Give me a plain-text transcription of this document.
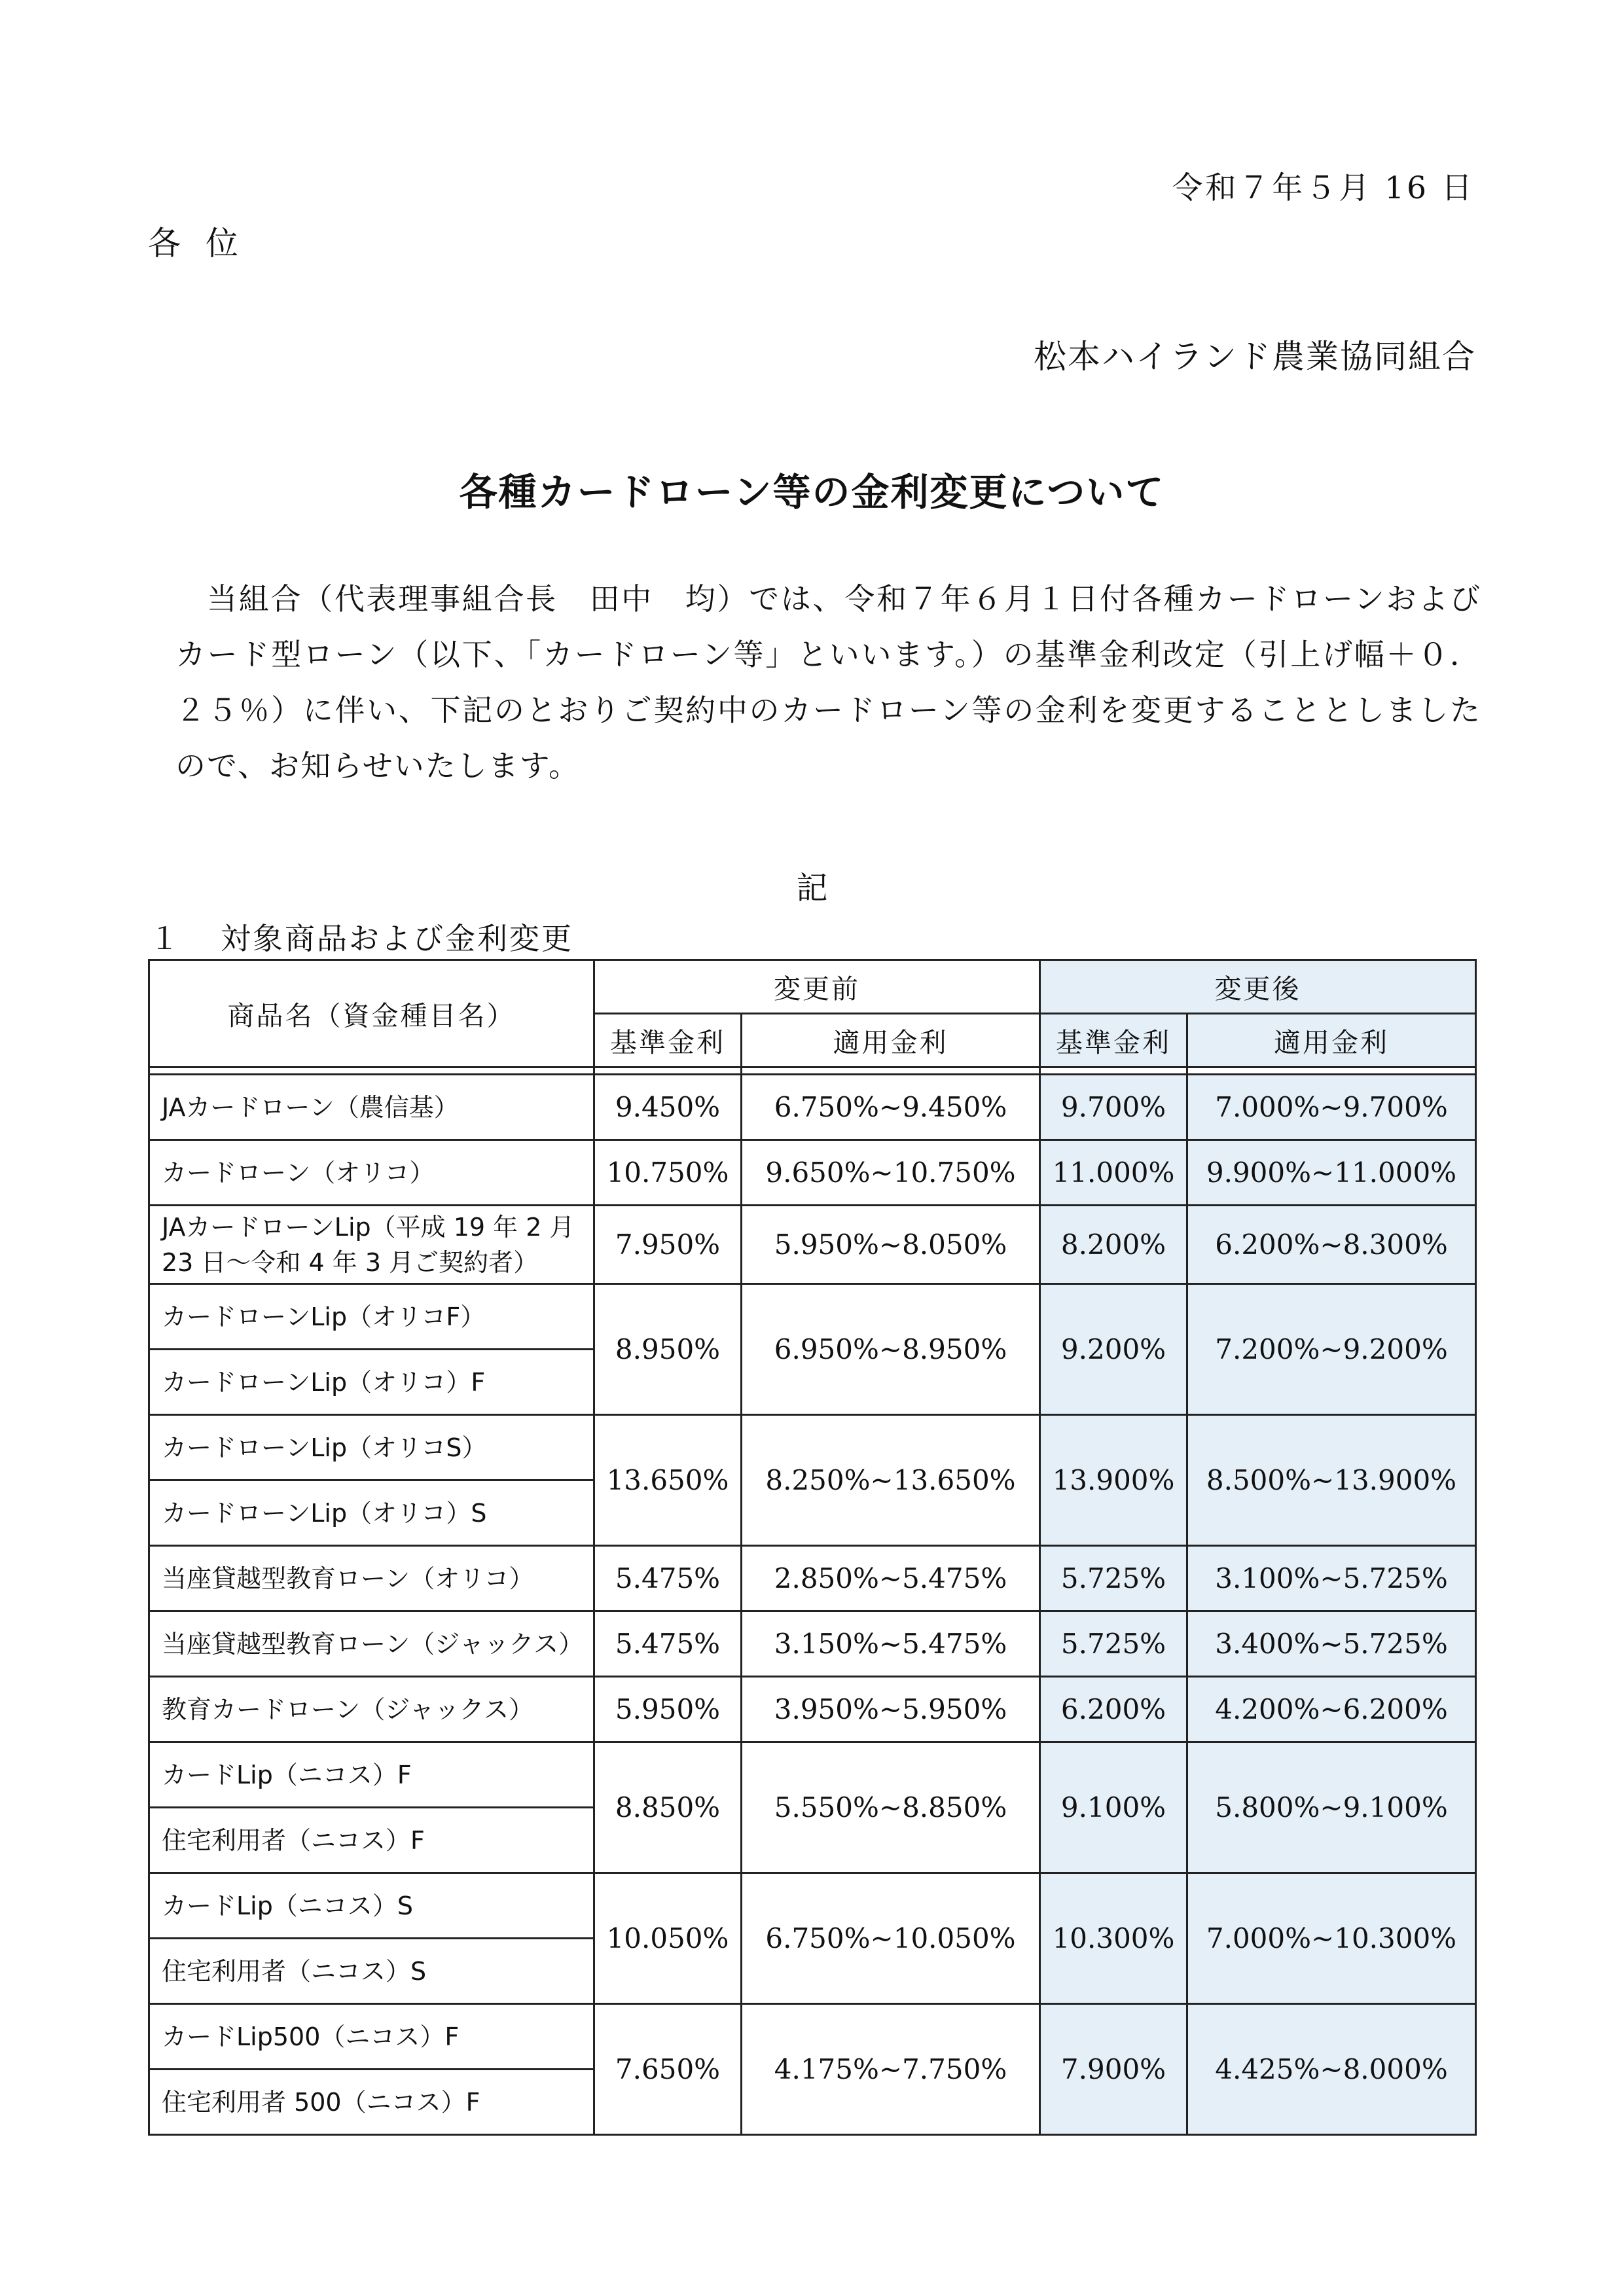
令和７年５月 16 日
各位
松本ハイランド農業協同組合
各種カードローン等の金利変更について
当組合（代表理事組合長　田中　均）では、令和７年６月１日付各種カードローンおよびカード型ローン（以下、「カードローン等」といいます。）の基準金利改定（引上げ幅＋０．２５％）に伴い、下記のとおりご契約中のカードローン等の金利を変更することとしましたので、お知らせいたします。
記
１ 対象商品および金利変更
商品名（資金種目名）	変更前		変更後	
	基準金利	適用金利	基準金利	適用金利

JAカードローン（農信基）	9.450%	6.750%~9.450%	9.700%	7.000%~9.700%
カードローン（オリコ）	10.750%	9.650%~10.750%	11.000%	9.900%~11.000%
JAカードローンLip（平成 19 年 2 月 23 日～令和 4 年 3 月ご契約者）	7.950%	5.950%~8.050%	8.200%	6.200%~8.300%
カードローンLip（オリコF）	8.950%	6.950%~8.950%	9.200%	7.200%~9.200%
カードローンLip（オリコ）F				
カードローンLip（オリコS）	13.650%	8.250%~13.650%	13.900%	8.500%~13.900%
カードローンLip（オリコ）S				
当座貸越型教育ローン（オリコ）	5.475%	2.850%~5.475%	5.725%	3.100%~5.725%
当座貸越型教育ローン（ジャックス）	5.475%	3.150%~5.475%	5.725%	3.400%~5.725%
教育カードローン（ジャックス）	5.950%	3.950%~5.950%	6.200%	4.200%~6.200%
カードLip（ニコス）F	8.850%	5.550%~8.850%	9.100%	5.800%~9.100%
住宅利用者（ニコス）F				
カードLip（ニコス）S	10.050%	6.750%~10.050%	10.300%	7.000%~10.300%
住宅利用者（ニコス）S				
カードLip500（ニコス）F	7.650%	4.175%~7.750%	7.900%	4.425%~8.000%
住宅利用者 500（ニコス）F				
